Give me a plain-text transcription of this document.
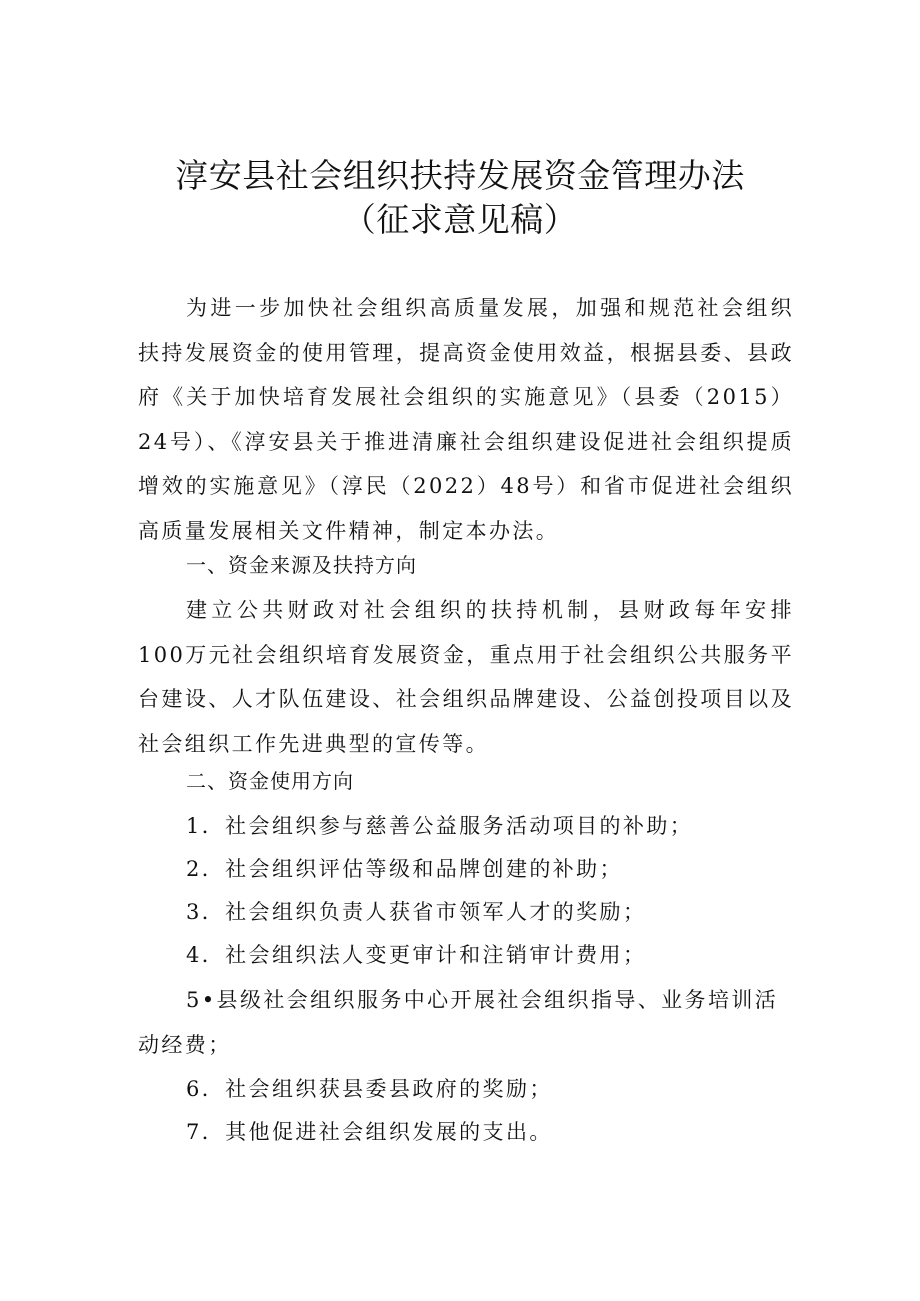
淳安县社会组织扶持发展资金管理办法
（征求意见稿）
为进一步加快社会组织高质量发展，加强和规范社会组织扶持发展资金的使用管理，提高资金使用效益，根据县委、县政府《关于加快培育发展社会组织的实施意见》（县委（2015）24号）、《淳安县关于推进清廉社会组织建设促进社会组织提质增效的实施意见》（淳民（2022）48号）和省市促进社会组织高质量发展相关文件精神，制定本办法。
一、资金来源及扶持方向
建立公共财政对社会组织的扶持机制，县财政每年安排100万元社会组织培育发展资金，重点用于社会组织公共服务平台建设、人才队伍建设、社会组织品牌建设、公益创投项目以及社会组织工作先进典型的宣传等。
二、资金使用方向
1．社会组织参与慈善公益服务活动项目的补助；
2．社会组织评估等级和品牌创建的补助；
3．社会组织负责人获省市领军人才的奖励；
4．社会组织法人变更审计和注销审计费用；
5•县级社会组织服务中心开展社会组织指导、业务培训活动经费；
6．社会组织获县委县政府的奖励；
7．其他促进社会组织发展的支出。
